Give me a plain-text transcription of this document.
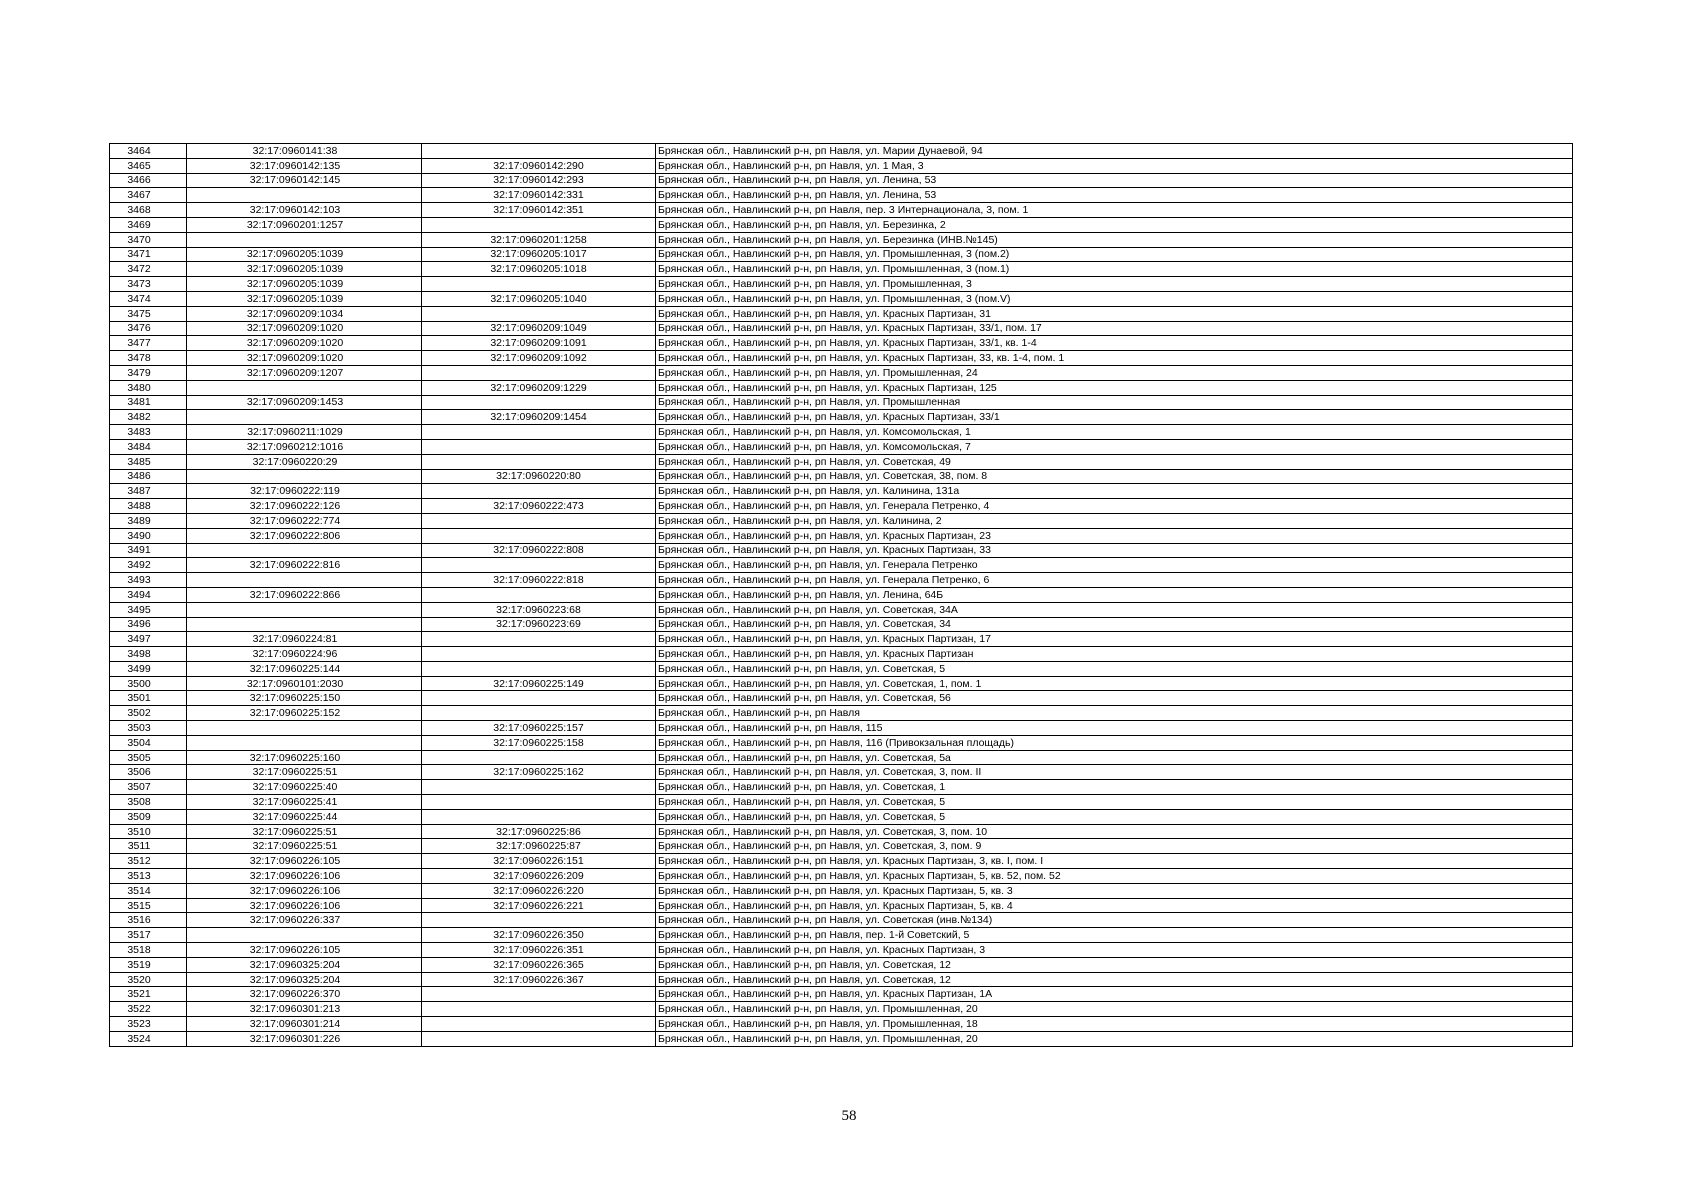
3464	32:17:0960141:38		Брянская обл., Навлинский р-н, рп Навля, ул. Марии Дунаевой, 94
3465	32:17:0960142:135	32:17:0960142:290	Брянская обл., Навлинский р-н, рп Навля, ул. 1 Мая, 3
3466	32:17:0960142:145	32:17:0960142:293	Брянская обл., Навлинский р-н, рп Навля, ул. Ленина, 53
3467		32:17:0960142:331	Брянская обл., Навлинский р-н, рп Навля, ул. Ленина, 53
3468	32:17:0960142:103	32:17:0960142:351	Брянская обл., Навлинский р-н, рп Навля, пер. 3 Интернационала, 3, пом. 1
3469	32:17:0960201:1257		Брянская обл., Навлинский р-н, рп Навля, ул. Березинка, 2
3470		32:17:0960201:1258	Брянская обл., Навлинский р-н, рп Навля, ул. Березинка (ИНВ.№145)
3471	32:17:0960205:1039	32:17:0960205:1017	Брянская обл., Навлинский р-н, рп Навля, ул. Промышленная, 3 (пом.2)
3472	32:17:0960205:1039	32:17:0960205:1018	Брянская обл., Навлинский р-н, рп Навля, ул. Промышленная, 3 (пом.1)
3473	32:17:0960205:1039		Брянская обл., Навлинский р-н, рп Навля, ул. Промышленная, 3
3474	32:17:0960205:1039	32:17:0960205:1040	Брянская обл., Навлинский р-н, рп Навля, ул. Промышленная, 3 (пом.V)
3475	32:17:0960209:1034		Брянская обл., Навлинский р-н, рп Навля, ул. Красных Партизан, 31
3476	32:17:0960209:1020	32:17:0960209:1049	Брянская обл., Навлинский р-н, рп Навля, ул. Красных Партизан, 33/1, пом. 17
3477	32:17:0960209:1020	32:17:0960209:1091	Брянская обл., Навлинский р-н, рп Навля, ул. Красных Партизан, 33/1, кв. 1-4
3478	32:17:0960209:1020	32:17:0960209:1092	Брянская обл., Навлинский р-н, рп Навля, ул. Красных Партизан, 33, кв. 1-4, пом. 1
3479	32:17:0960209:1207		Брянская обл., Навлинский р-н, рп Навля, ул. Промышленная, 24
3480		32:17:0960209:1229	Брянская обл., Навлинский р-н, рп Навля, ул. Красных Партизан, 125
3481	32:17:0960209:1453		Брянская обл., Навлинский р-н, рп Навля, ул. Промышленная
3482		32:17:0960209:1454	Брянская обл., Навлинский р-н, рп Навля, ул. Красных Партизан, 33/1
3483	32:17:0960211:1029		Брянская обл., Навлинский р-н, рп Навля, ул. Комсомольская, 1
3484	32:17:0960212:1016		Брянская обл., Навлинский р-н, рп Навля, ул. Комсомольская, 7
3485	32:17:0960220:29		Брянская обл., Навлинский р-н, рп Навля, ул. Советская, 49
3486		32:17:0960220:80	Брянская обл., Навлинский р-н, рп Навля, ул. Советская, 38, пом. 8
3487	32:17:0960222:119		Брянская обл., Навлинский р-н, рп Навля, ул. Калинина, 131а
3488	32:17:0960222:126	32:17:0960222:473	Брянская обл., Навлинский р-н, рп Навля, ул. Генерала Петренко, 4
3489	32:17:0960222:774		Брянская обл., Навлинский р-н, рп Навля, ул. Калинина, 2
3490	32:17:0960222:806		Брянская обл., Навлинский р-н, рп Навля, ул. Красных Партизан, 23
3491		32:17:0960222:808	Брянская обл., Навлинский р-н, рп Навля, ул. Красных Партизан, 33
3492	32:17:0960222:816		Брянская обл., Навлинский р-н, рп Навля, ул. Генерала Петренко
3493		32:17:0960222:818	Брянская обл., Навлинский р-н, рп Навля, ул. Генерала Петренко, 6
3494	32:17:0960222:866		Брянская обл., Навлинский р-н, рп Навля, ул. Ленина, 64Б
3495		32:17:0960223:68	Брянская обл., Навлинский р-н, рп Навля, ул. Советская, 34А
3496		32:17:0960223:69	Брянская обл., Навлинский р-н, рп Навля, ул. Советская, 34
3497	32:17:0960224:81		Брянская обл., Навлинский р-н, рп Навля, ул. Красных Партизан, 17
3498	32:17:0960224:96		Брянская обл., Навлинский р-н, рп Навля, ул. Красных Партизан
3499	32:17:0960225:144		Брянская обл., Навлинский р-н, рп Навля, ул. Советская, 5
3500	32:17:0960101:2030	32:17:0960225:149	Брянская обл., Навлинский р-н, рп Навля, ул. Советская, 1, пом. 1
3501	32:17:0960225:150		Брянская обл., Навлинский р-н, рп Навля, ул. Советская, 56
3502	32:17:0960225:152		Брянская обл., Навлинский р-н, рп Навля
3503		32:17:0960225:157	Брянская обл., Навлинский р-н, рп Навля, 115
3504		32:17:0960225:158	Брянская обл., Навлинский р-н, рп Навля, 116 (Привокзальная площадь)
3505	32:17:0960225:160		Брянская обл., Навлинский р-н, рп Навля, ул. Советская, 5а
3506	32:17:0960225:51	32:17:0960225:162	Брянская обл., Навлинский р-н, рп Навля, ул. Советская, 3, пом. II
3507	32:17:0960225:40		Брянская обл., Навлинский р-н, рп Навля, ул. Советская, 1
3508	32:17:0960225:41		Брянская обл., Навлинский р-н, рп Навля, ул. Советская, 5
3509	32:17:0960225:44		Брянская обл., Навлинский р-н, рп Навля, ул. Советская, 5
3510	32:17:0960225:51	32:17:0960225:86	Брянская обл., Навлинский р-н, рп Навля, ул. Советская, 3, пом. 10
3511	32:17:0960225:51	32:17:0960225:87	Брянская обл., Навлинский р-н, рп Навля, ул. Советская, 3, пом. 9
3512	32:17:0960226:105	32:17:0960226:151	Брянская обл., Навлинский р-н, рп Навля, ул. Красных Партизан, 3, кв. I, пом. I
3513	32:17:0960226:106	32:17:0960226:209	Брянская обл., Навлинский р-н, рп Навля, ул. Красных Партизан, 5, кв. 52, пом. 52
3514	32:17:0960226:106	32:17:0960226:220	Брянская обл., Навлинский р-н, рп Навля, ул. Красных Партизан, 5, кв. 3
3515	32:17:0960226:106	32:17:0960226:221	Брянская обл., Навлинский р-н, рп Навля, ул. Красных Партизан, 5, кв. 4
3516	32:17:0960226:337		Брянская обл., Навлинский р-н, рп Навля, ул. Советская (инв.№134)
3517		32:17:0960226:350	Брянская обл., Навлинский р-н, рп Навля, пер. 1-й Советский, 5
3518	32:17:0960226:105	32:17:0960226:351	Брянская обл., Навлинский р-н, рп Навля, ул. Красных Партизан, 3
3519	32:17:0960325:204	32:17:0960226:365	Брянская обл., Навлинский р-н, рп Навля, ул. Советская, 12
3520	32:17:0960325:204	32:17:0960226:367	Брянская обл., Навлинский р-н, рп Навля, ул. Советская, 12
3521	32:17:0960226:370		Брянская обл., Навлинский р-н, рп Навля, ул. Красных Партизан, 1А
3522	32:17:0960301:213		Брянская обл., Навлинский р-н, рп Навля, ул. Промышленная, 20
3523	32:17:0960301:214		Брянская обл., Навлинский р-н, рп Навля, ул. Промышленная, 18
3524	32:17:0960301:226		Брянская обл., Навлинский р-н, рп Навля, ул. Промышленная, 20
58
